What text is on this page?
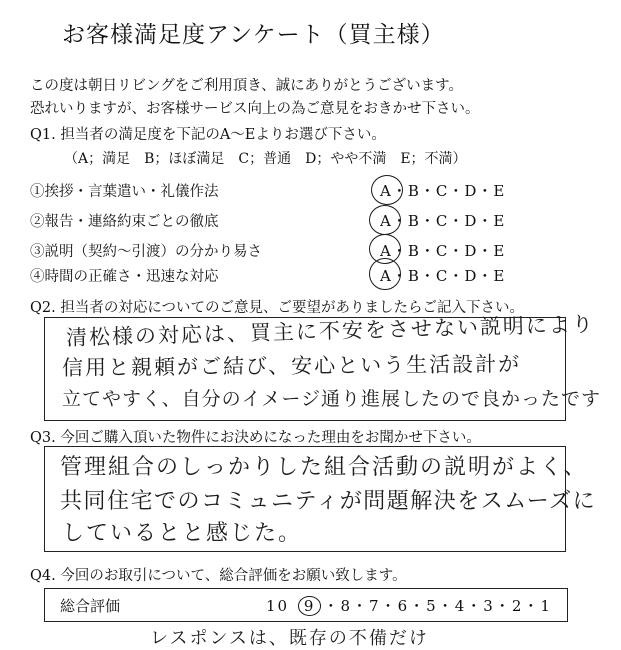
お客様満足度アンケート（買主様）
この度は朝日リビングをご利用頂き、誠にありがとうございます。
恐れいりますが、お客様サービス向上の為ご意見をおきかせ下さい。
Q1. 担当者の満足度を下記のA～Eよりお選び下さい。
（A；満足　B；ほぼ満足　C；普通　D；やや不満　E；不満）
①挨拶・言葉遣い・礼儀作法	A・B・C・D・E
②報告・連絡約束ごとの徹底	A・B・C・D・E
③説明（契約～引渡）の分かり易さ	A・B・C・D・E
④時間の正確さ・迅速な対応	A・B・C・D・E
Q2. 担当者の対応についてのご意見、ご要望がありましたらご記入下さい。
清松様の対応は、買主に不安をさせない説明により
信用と親頼がご結び、安心という生活設計が
立てやすく、自分のイメージ通り進展したので良かったです
Q3. 今回ご購入頂いた物件にお決めになった理由をお聞かせ下さい。
管理組合のしっかりした組合活動の説明がよく、
共同住宅でのコミュニティが問題解決をスムーズに
しているとと感じた。
Q4. 今回のお取引について、総合評価をお願い致します。
総合評価	10 9 ・8・7・6・5・4・3・2・1
レスポンスは、既存の不備だけ
